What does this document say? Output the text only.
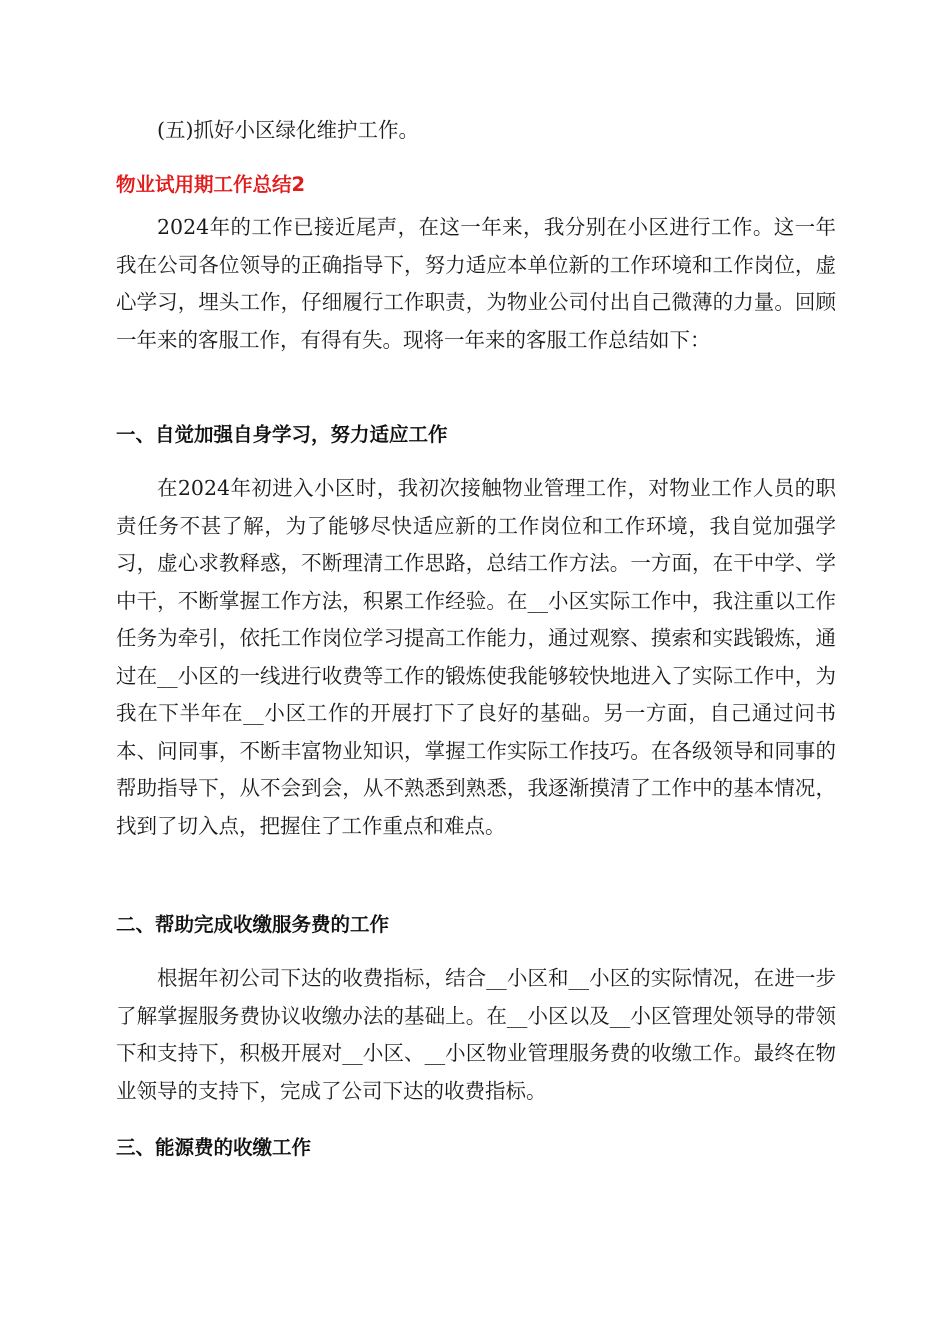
(五)抓好小区绿化维护工作。

物业试用期工作总结2

2024年的工作已接近尾声，在这一年来，我分别在小区进行工作。这一年我在公司各位领导的正确指导下，努力适应本单位新的工作环境和工作岗位，虚心学习，埋头工作，仔细履行工作职责，为物业公司付出自己微薄的力量。回顾一年来的客服工作，有得有失。现将一年来的客服工作总结如下：

一、自觉加强自身学习，努力适应工作

在2024年初进入小区时，我初次接触物业管理工作，对物业工作人员的职责任务不甚了解，为了能够尽快适应新的工作岗位和工作环境，我自觉加强学习，虚心求教释惑，不断理清工作思路，总结工作方法。一方面，在干中学、学中干，不断掌握工作方法，积累工作经验。在__小区实际工作中，我注重以工作任务为牵引，依托工作岗位学习提高工作能力，通过观察、摸索和实践锻炼，通过在__小区的一线进行收费等工作的锻炼使我能够较快地进入了实际工作中，为我在下半年在__小区工作的开展打下了良好的基础。另一方面，自己通过问书本、问同事，不断丰富物业知识，掌握工作实际工作技巧。在各级领导和同事的帮助指导下，从不会到会，从不熟悉到熟悉，我逐渐摸清了工作中的基本情况，找到了切入点，把握住了工作重点和难点。

二、帮助完成收缴服务费的工作

根据年初公司下达的收费指标，结合__小区和__小区的实际情况，在进一步了解掌握服务费协议收缴办法的基础上。在__小区以及__小区管理处领导的带领下和支持下，积极开展对__小区、__小区物业管理服务费的收缴工作。最终在物业领导的支持下，完成了公司下达的收费指标。

三、能源费的收缴工作
